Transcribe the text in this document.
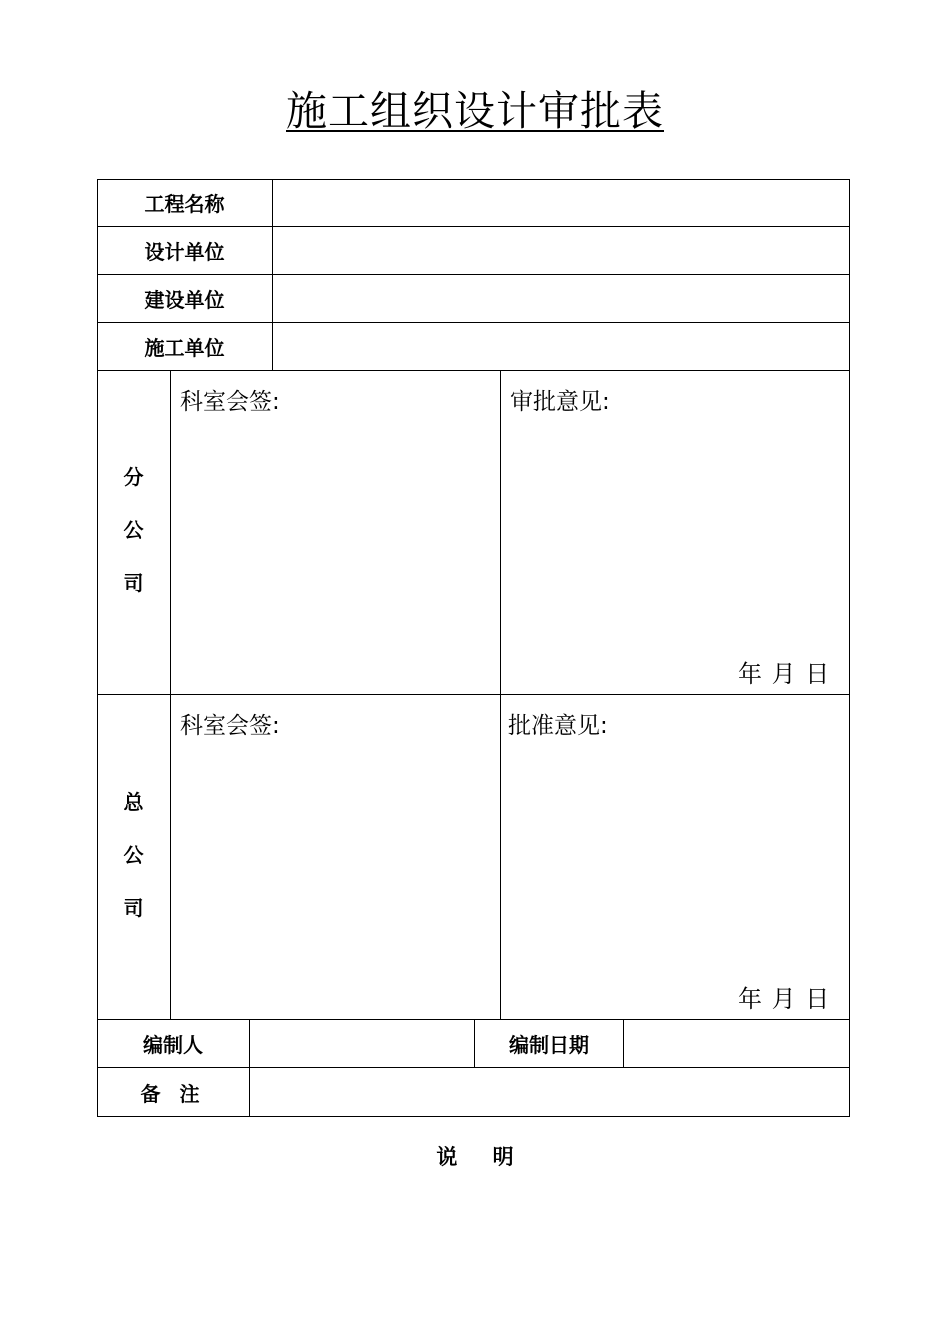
施工组织设计审批表
工程名称
设计单位
建设单位
施工单位
分
公
司
科室会签:	审批意见:
年 月 日
总
公
司
科室会签:	批准意见:
年 月 日
编制人	编制日期
备 注
说 明
